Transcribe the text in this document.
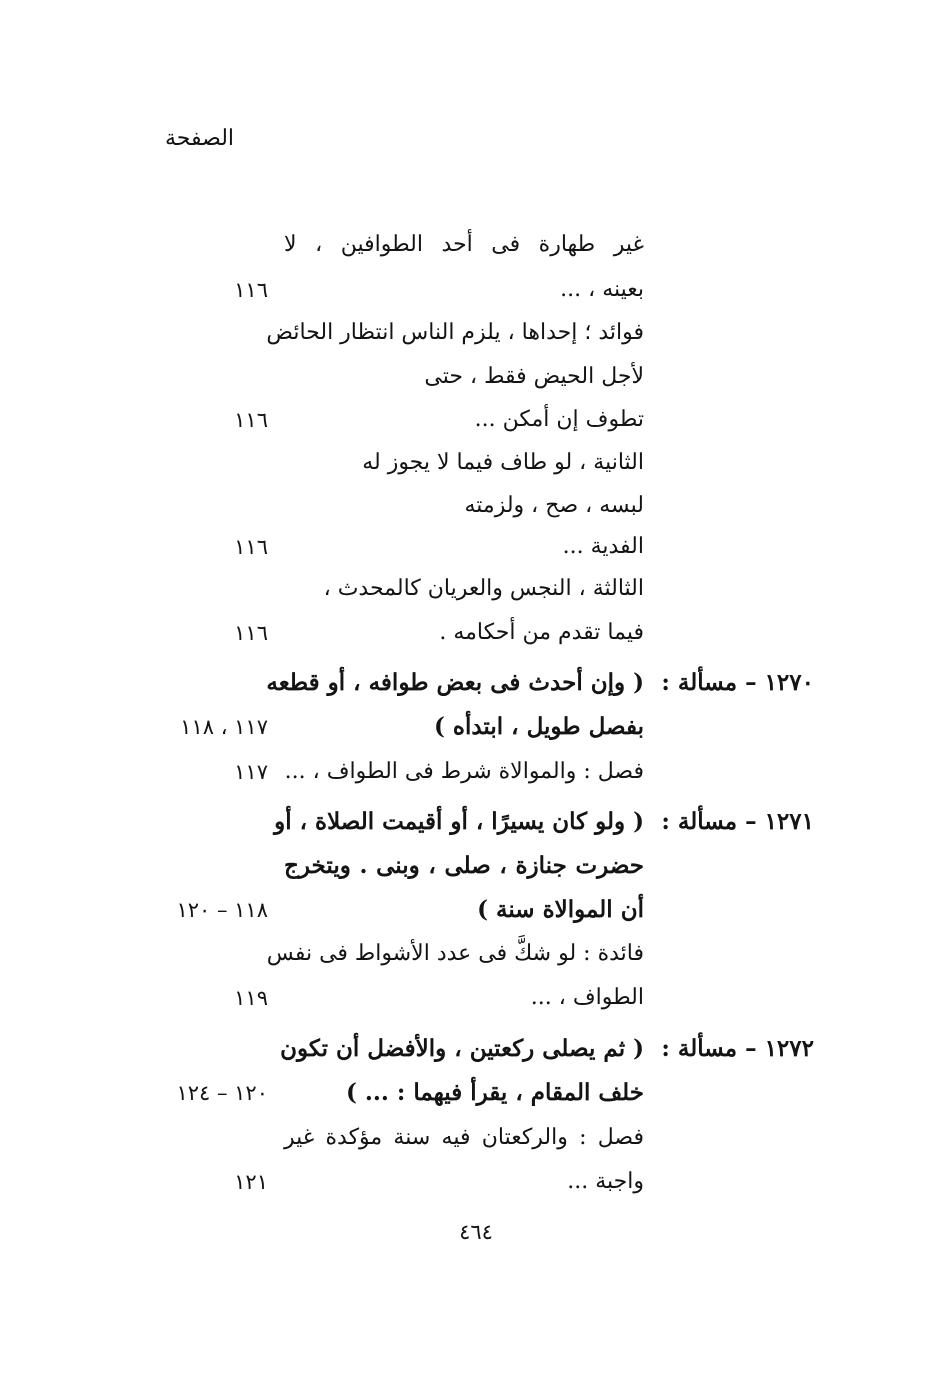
الصفحة
غير طهارة فى أحد الطوافين ، لا
بعينه ، ...
١١٦
فوائد ؛ إحداها ، يلزم الناس انتظار الحائض
لأجل الحيض فقط ، حتى
تطوف إن أمكن ...
١١٦
الثانية ، لو طاف فيما لا يجوز له
لبسه ، صح ، ولزمته
الفدية ...
١١٦
الثالثة ، النجس والعريان كالمحدث ،
فيما تقدم من أحكامه .
١١٦
( وإن أحدث فى بعض طوافه ، أو قطعه ١٢٧٠ – مسألة :
بفصل طويل ، ابتدأه )
١١٧ ، ١١٨
فصل : والموالاة شرط فى الطواف ، ...
١١٧
( ولو كان يسيرًا ، أو أقيمت الصلاة ، أو ١٢٧١ – مسألة :
حضرت جنازة ، صلى ، وبنى . ويتخرج
أن الموالاة سنة )
١١٨ – ١٢٠
فائدة : لو شكَّ فى عدد الأشواط فى نفس
الطواف ، ...
١١٩
( ثم يصلى ركعتين ، والأفضل أن تكون ١٢٧٢ – مسألة :
خلف المقام ، يقرأ فيهما : ... )
١٢٠ – ١٢٤
فصل : والركعتان فيه سنة مؤكدة غير
واجبة ...
١٢١
٤٦٤
